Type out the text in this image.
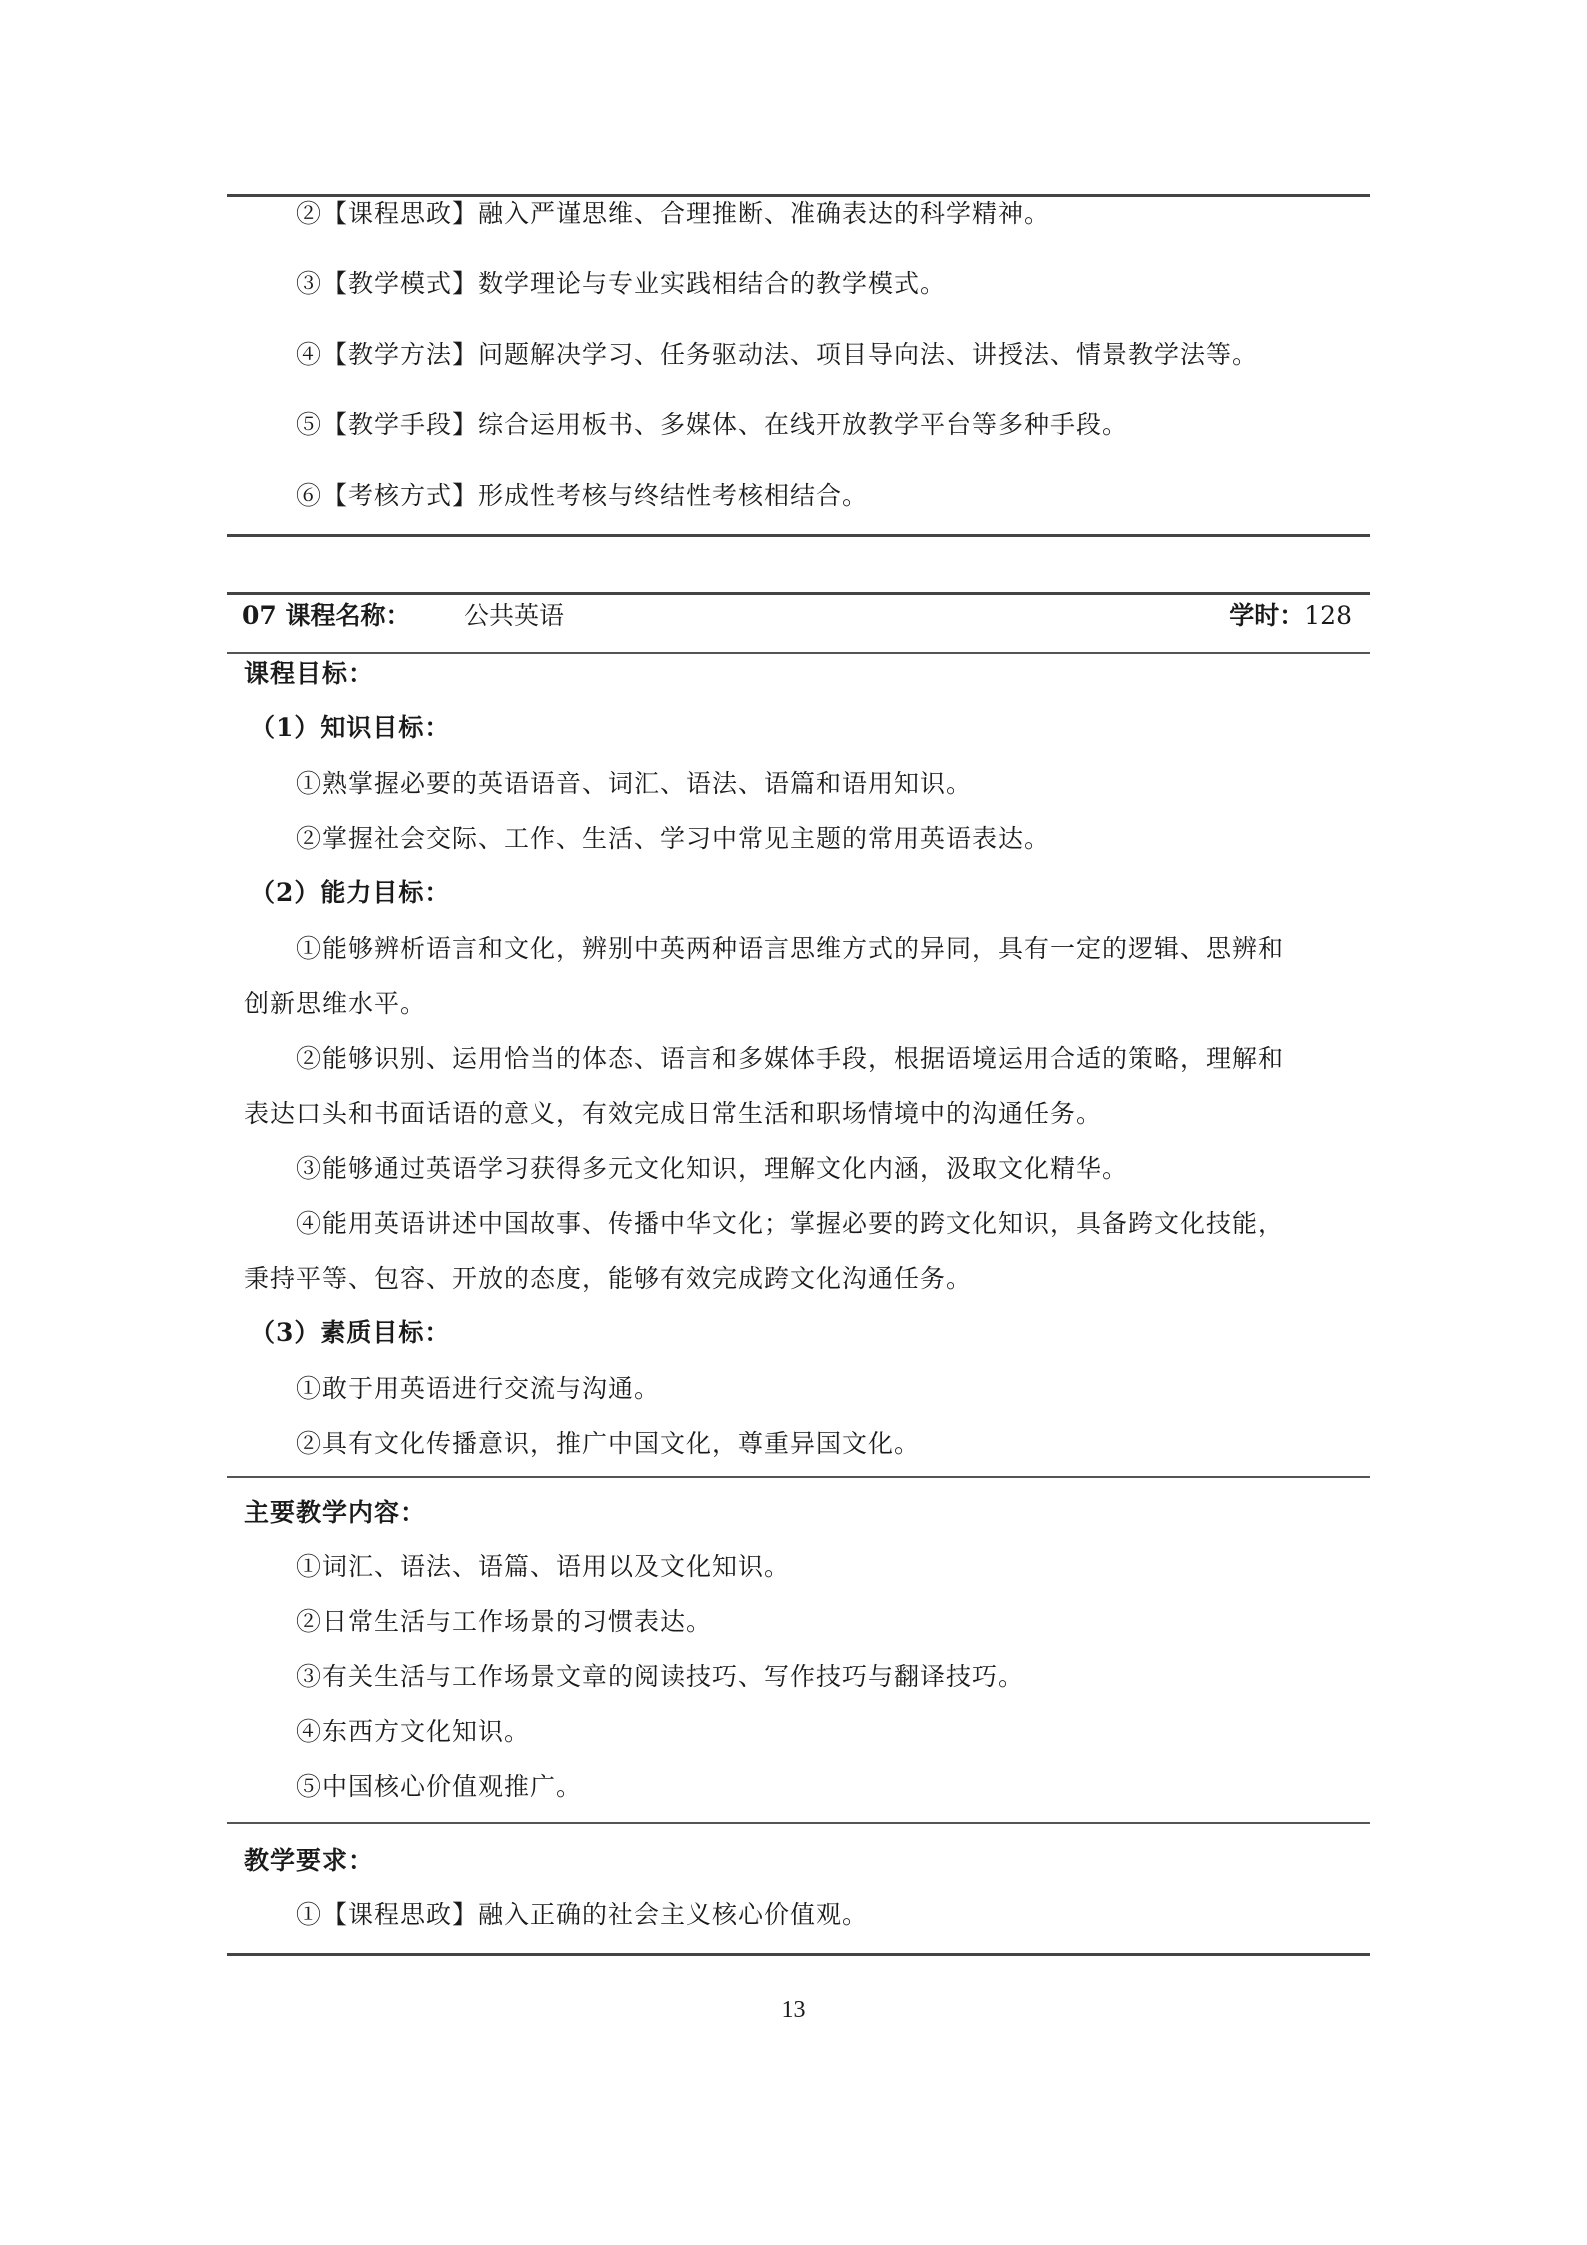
②【课程思政】融入严谨思维、合理推断、准确表达的科学精神。
③【教学模式】数学理论与专业实践相结合的教学模式。
④【教学方法】问题解决学习、任务驱动法、项目导向法、讲授法、情景教学法等。
⑤【教学手段】综合运用板书、多媒体、在线开放教学平台等多种手段。
⑥【考核方式】形成性考核与终结性考核相结合。
07 课程名称： 公共英语	学时：128
课程目标：
（1）知识目标：
①熟掌握必要的英语语音、词汇、语法、语篇和语用知识。
②掌握社会交际、工作、生活、学习中常见主题的常用英语表达。
（2）能力目标：
①能够辨析语言和文化，辨别中英两种语言思维方式的异同，具有一定的逻辑、思辨和
创新思维水平。
②能够识别、运用恰当的体态、语言和多媒体手段，根据语境运用合适的策略，理解和
表达口头和书面话语的意义，有效完成日常生活和职场情境中的沟通任务。
③能够通过英语学习获得多元文化知识，理解文化内涵，汲取文化精华。
④能用英语讲述中国故事、传播中华文化；掌握必要的跨文化知识，具备跨文化技能，
秉持平等、包容、开放的态度，能够有效完成跨文化沟通任务。
（3）素质目标：
①敢于用英语进行交流与沟通。
②具有文化传播意识，推广中国文化，尊重异国文化。
主要教学内容：
①词汇、语法、语篇、语用以及文化知识。
②日常生活与工作场景的习惯表达。
③有关生活与工作场景文章的阅读技巧、写作技巧与翻译技巧。
④东西方文化知识。
⑤中国核心价值观推广。
教学要求：
①【课程思政】融入正确的社会主义核心价值观。
13
